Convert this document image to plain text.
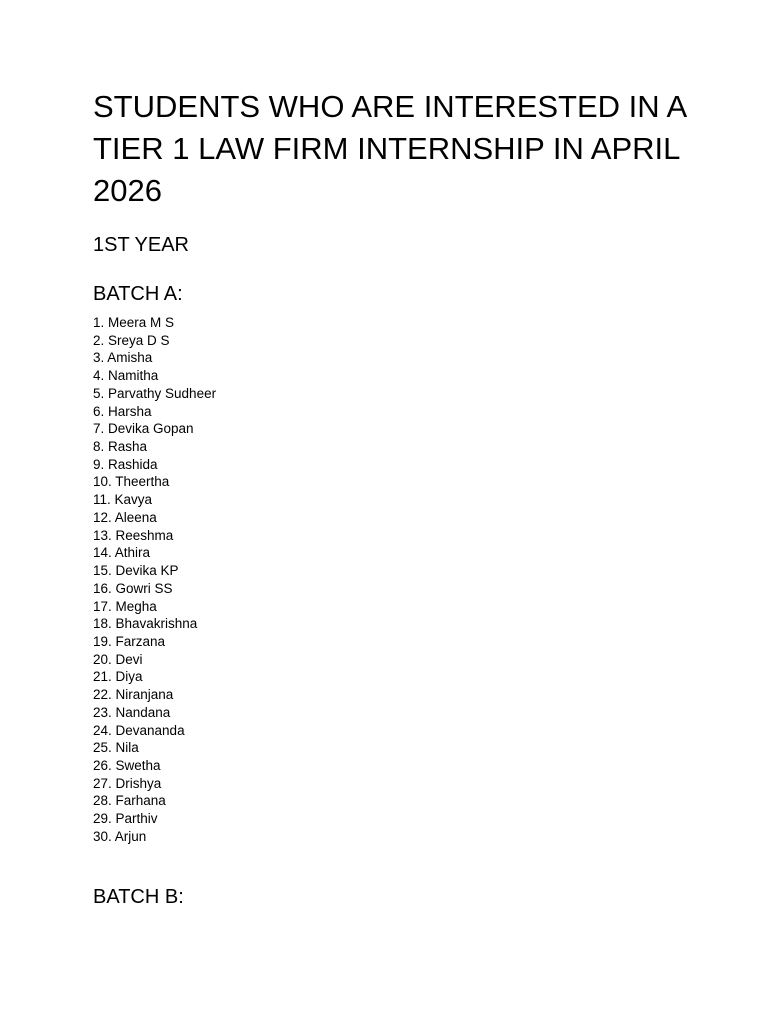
STUDENTS WHO ARE INTERESTED IN A TIER 1 LAW FIRM INTERNSHIP IN APRIL 2026
1ST YEAR
BATCH A:
1. Meera M S
2. Sreya D S
3. Amisha
4. Namitha
5. Parvathy Sudheer
6. Harsha
7. Devika Gopan
8. Rasha
9. Rashida
10. Theertha
11. Kavya
12. Aleena
13. Reeshma
14. Athira
15. Devika KP
16. Gowri SS
17. Megha
18. Bhavakrishna
19. Farzana
20. Devi
21. Diya
22. Niranjana
23. Nandana
24. Devananda
25. Nila
26. Swetha
27. Drishya
28. Farhana
29. Parthiv
30. Arjun
BATCH B:
